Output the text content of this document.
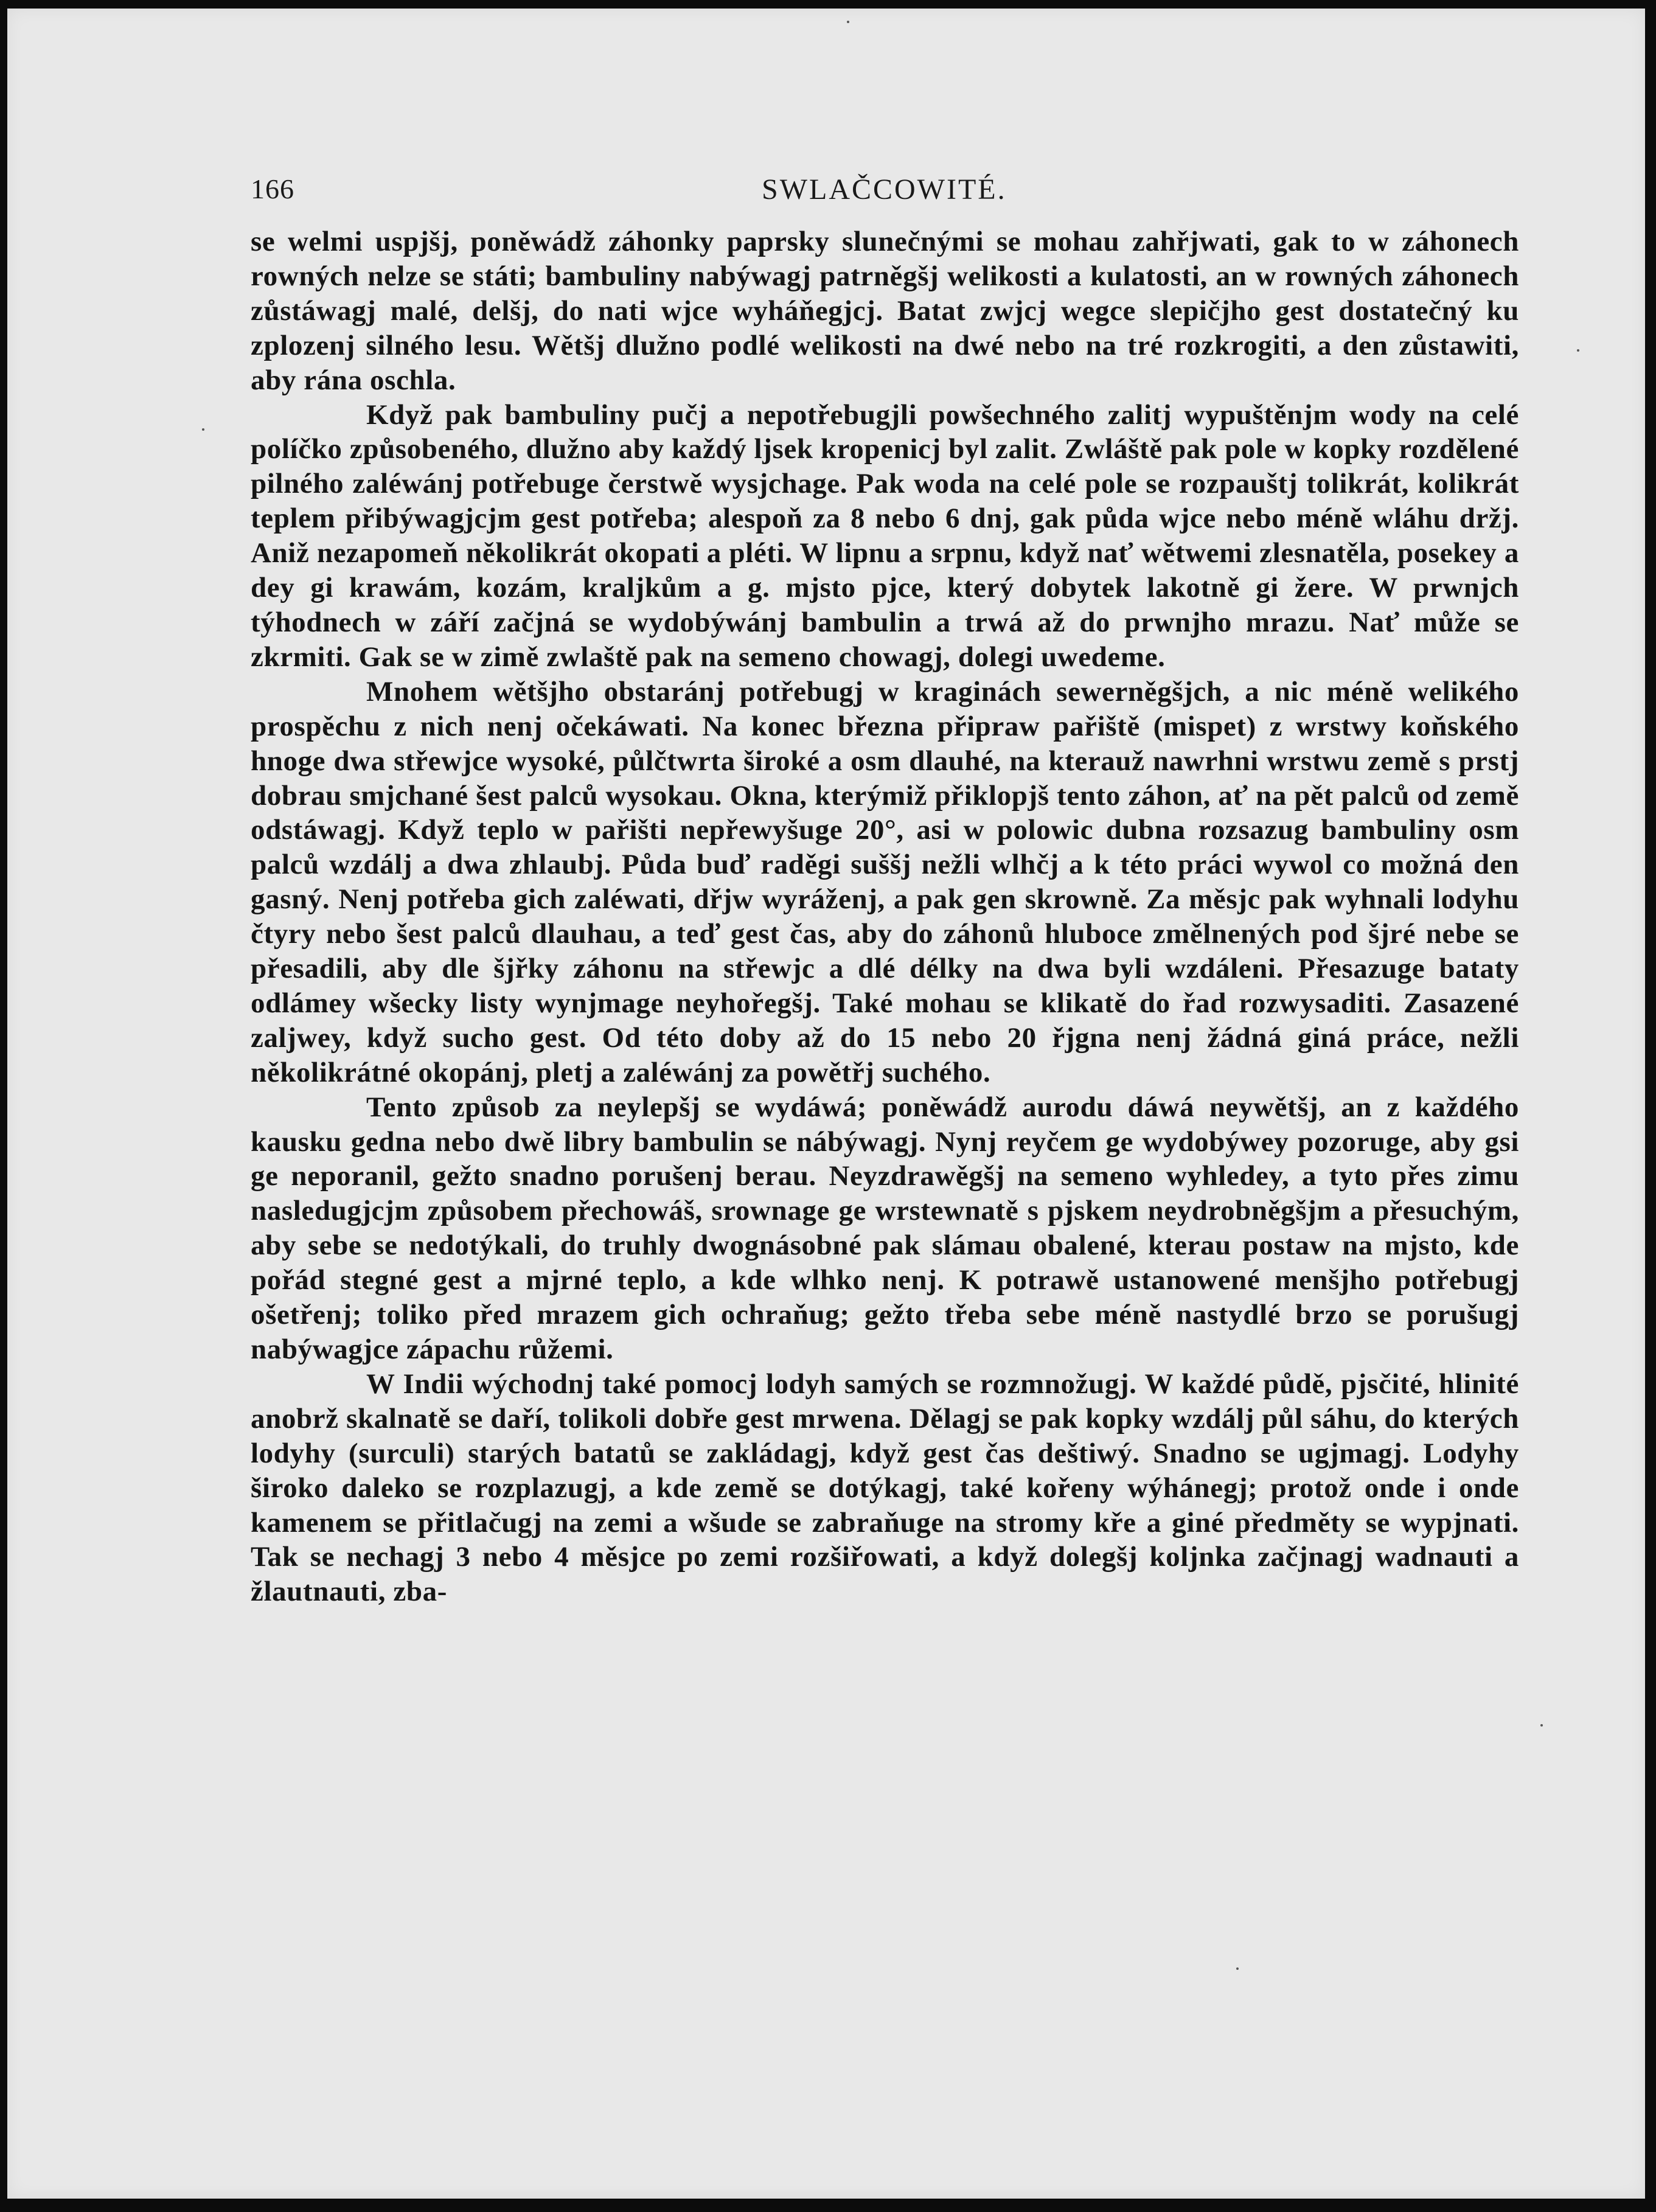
166	SWLAČCOWITÉ.

se welmi uspjšj, poněwádž záhonky paprsky slunečnými se mohau zahřjwati, gak to w záhonech rowných nelze se státi; bambuliny nabýwagj patrněgšj welikosti a kulatosti, an w rowných záhonech zůstáwagj malé, delšj, do nati wjce wyháňegjcj. Batat zwjcj wegce slepičjho gest dostatečný ku zplozenj silného lesu. Wětšj dlužno podlé welikosti na dwé nebo na tré rozkrogiti, a den zůstawiti, aby rána oschla.

Když pak bambuliny pučj a nepotřebugjli powšechného zalitj wypuštěnjm wody na celé políčko způsobeného, dlužno aby každý ljsek kropenicj byl zalit. Zwláště pak pole w kopky rozdělené pilného zaléwánj potřebuge čerstwě wysjchage. Pak woda na celé pole se rozpauštj tolikrát, kolikrát teplem přibýwagjcjm gest potřeba; alespoň za 8 nebo 6 dnj, gak půda wjce nebo méně wláhu držj. Aniž nezapomeň několikrát okopati a pléti. W lipnu a srpnu, když nať wětwemi zlesnatěla, posekey a dey gi krawám, kozám, kraljkům a g. mjsto pjce, který dobytek lakotně gi žere. W prwnjch týhodnech w září začjná se wydobýwánj bambulin a trwá až do prwnjho mrazu. Nať může se zkrmiti. Gak se w zimě zwlaště pak na semeno chowagj, dolegi uwedeme.

Mnohem wětšjho obstaránj potřebugj w kraginách sewerněgšjch, a nic méně welikého prospěchu z nich nenj očekáwati. Na konec března připraw pařiště (mispet) z wrstwy koňského hnoge dwa střewjce wysoké, půlčtwrta široké a osm dlauhé, na kterauž nawrhni wrstwu země s prstj dobrau smjchané šest palců wysokau. Okna, kterýmiž přiklopjš tento záhon, ať na pět palců od země odstáwagj. Když teplo w pařišti nepřewyšuge 20°, asi w polowic dubna rozsazug bambuliny osm palců wzdálj a dwa zhlaubj. Půda buď raděgi suššj nežli wlhčj a k této práci wywol co možná den gasný. Nenj potřeba gich zaléwati, dřjw wyráženj, a pak gen skrowně. Za měsjc pak wyhnali lodyhu čtyry nebo šest palců dlauhau, a teď gest čas, aby do záhonů hluboce změlnených pod šjré nebe se přesadili, aby dle šjřky záhonu na střewjc a dlé délky na dwa byli wzdáleni. Přesazuge bataty odlámey wšecky listy wynjmage neyhořegšj. Také mohau se klikatě do řad rozwysaditi. Zasazené zaljwey, když sucho gest. Od této doby až do 15 nebo 20 řjgna nenj žádná giná práce, nežli několikrátné okopánj, pletj a zaléwánj za powětřj suchého.

Tento způsob za neylepšj se wydáwá; poněwádž aurodu dáwá neywětšj, an z každého kausku gedna nebo dwě libry bambulin se nábýwagj. Nynj reyčem ge wydobýwey pozoruge, aby gsi ge neporanil, gežto snadno porušenj berau. Neyzdrawěgšj na semeno wyhledey, a tyto přes zimu nasledugjcjm způsobem přechowáš, srownage ge wrstewnatě s pjskem neydrobněgšjm a přesuchým, aby sebe se nedotýkali, do truhly dwognásobné pak slámau obalené, kterau postaw na mjsto, kde pořád stegné gest a mjrné teplo, a kde wlhko nenj. K potrawě ustanowené menšjho potřebugj ošetřenj; toliko před mrazem gich ochraňug; gežto třeba sebe méně nastydlé brzo se porušugj nabýwagjce zápachu růžemi.

W Indii wýchodnj také pomocj lodyh samých se rozmnožugj. W každé půdě, pjsčité, hlinité anobrž skalnatě se daří, tolikoli dobře gest mrwena. Dělagj se pak kopky wzdálj půl sáhu, do kterých lodyhy (surculi) starých batatů se zakládagj, když gest čas deštiwý. Snadno se ugjmagj. Lodyhy široko daleko se rozplazugj, a kde země se dotýkagj, také kořeny wýhánegj; protož onde i onde kamenem se přitlačugj na zemi a wšude se zabraňuge na stromy kře a giné předměty se wypjnati. Tak se nechagj 3 nebo 4 měsjce po zemi rozšiřowati, a když dolegšj koljnka začjnagj wadnauti a žlautnauti, zba-
